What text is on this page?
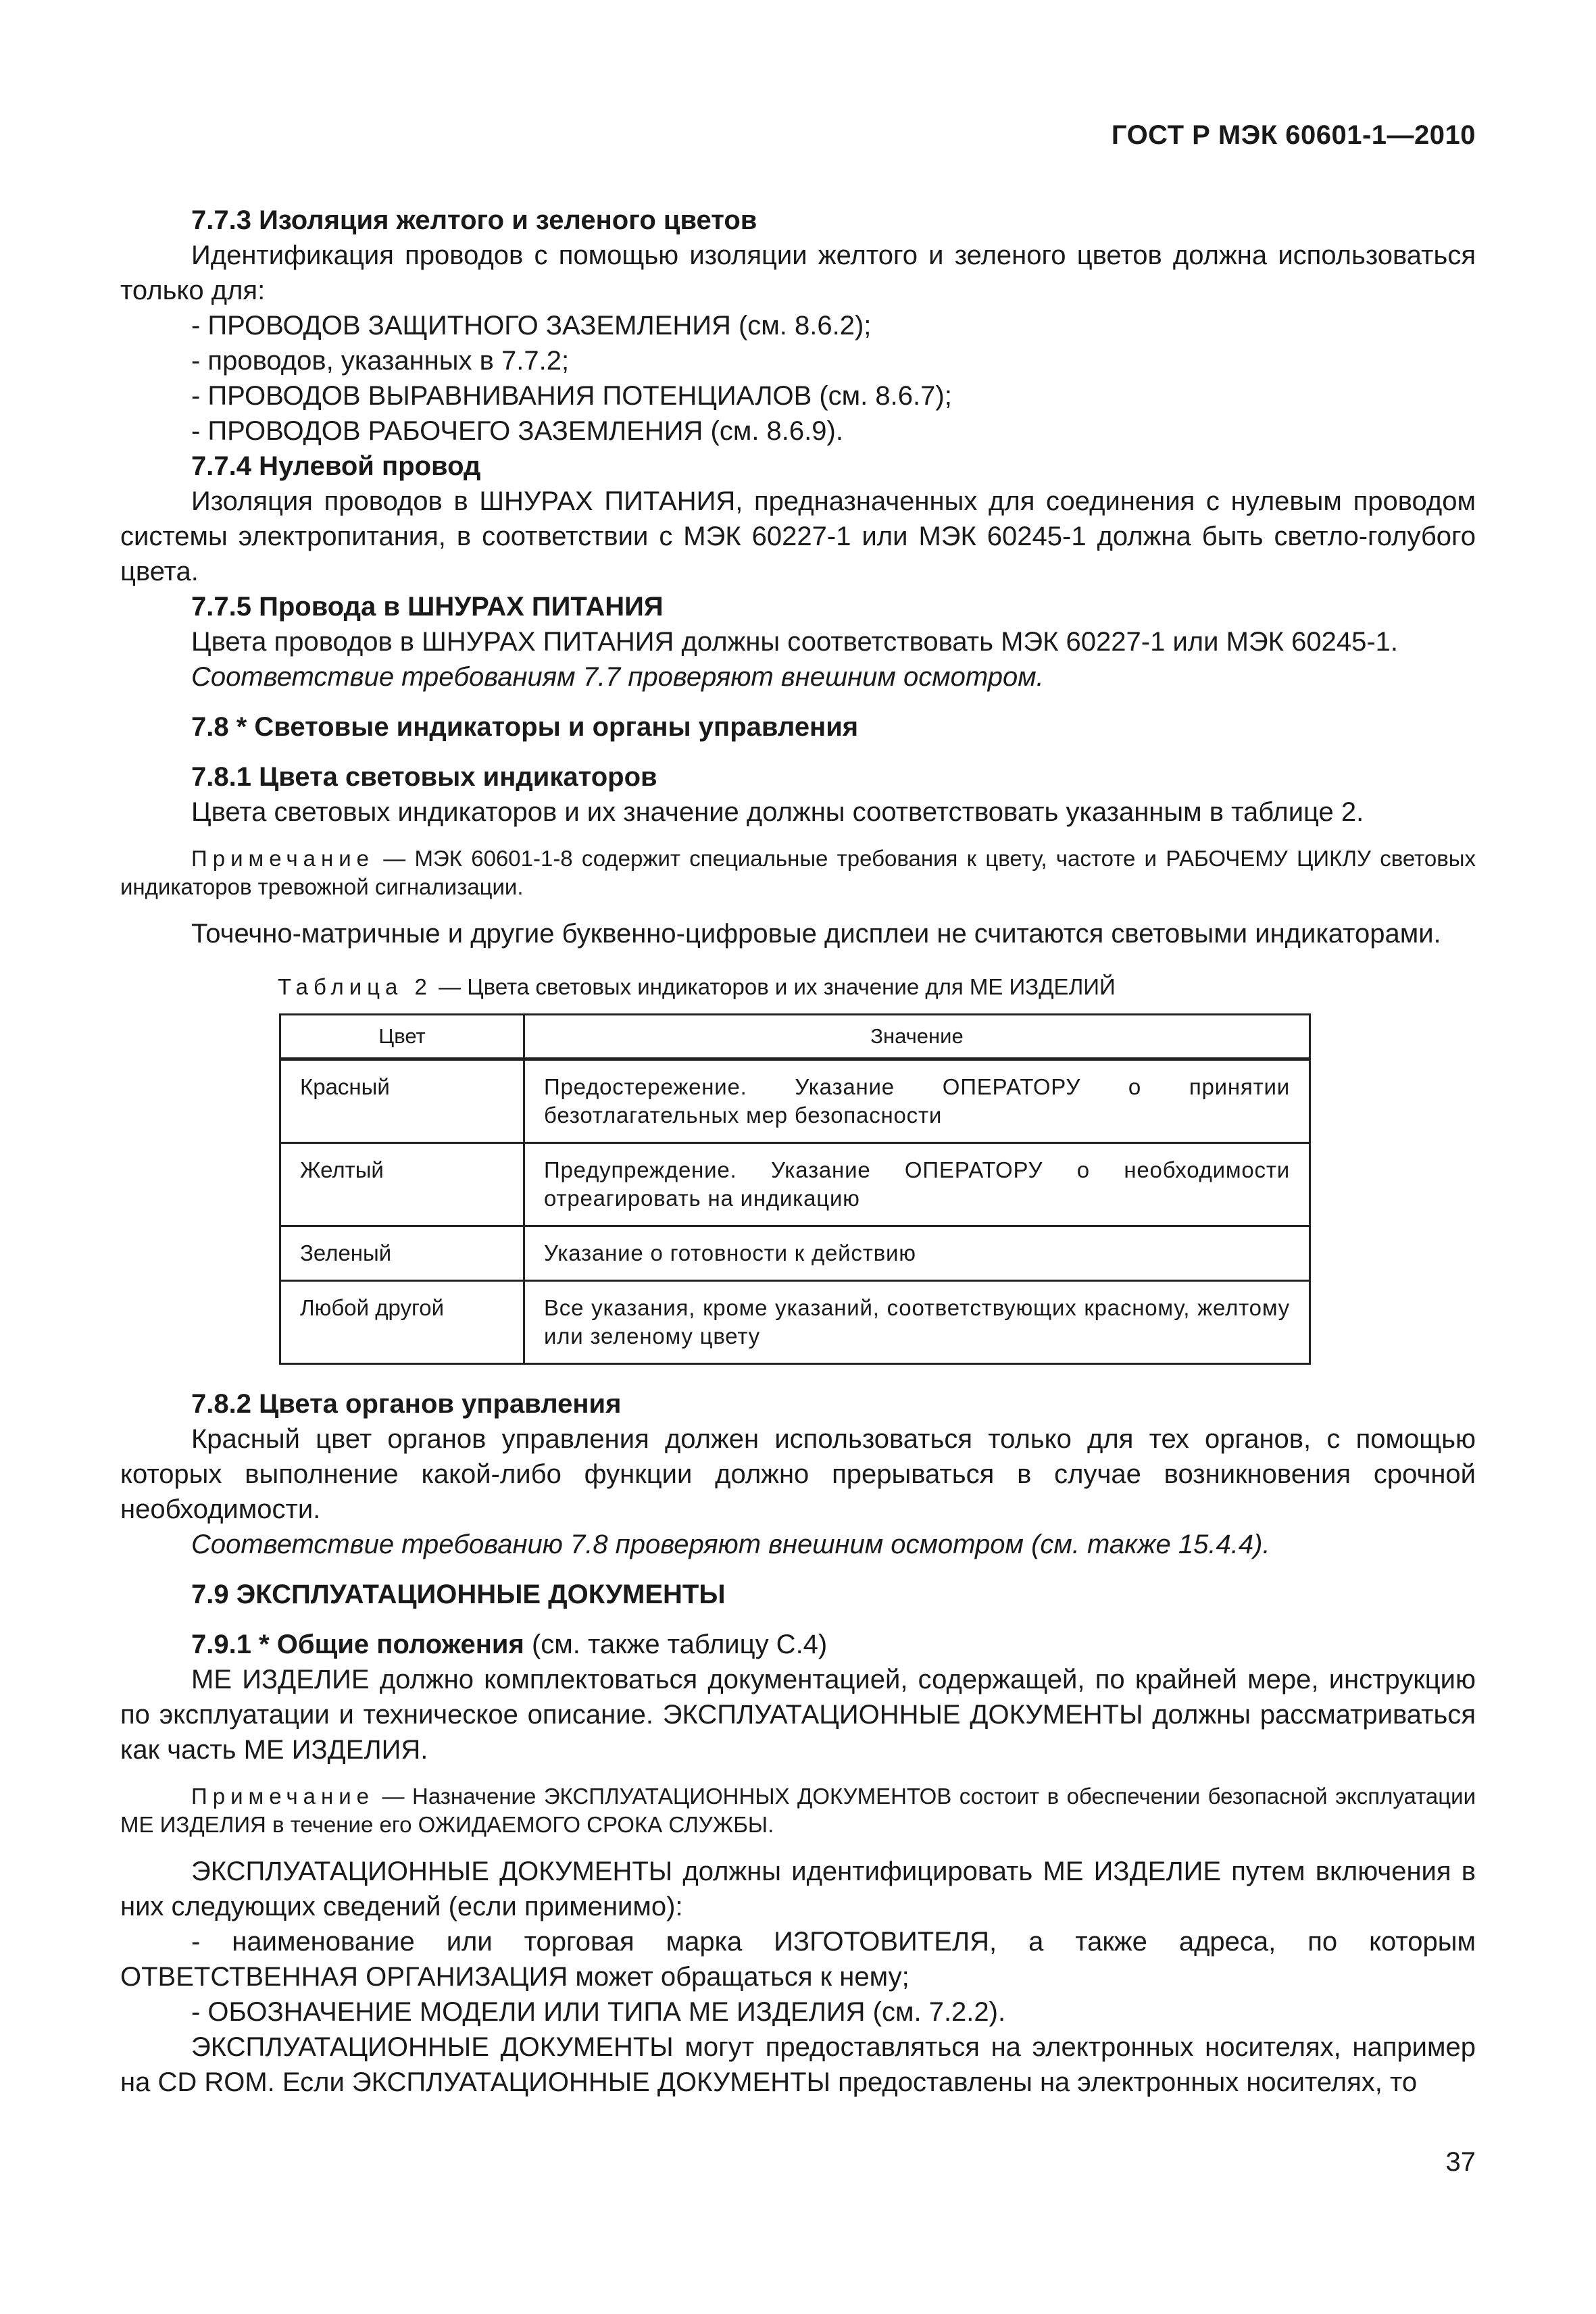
ГОСТ Р МЭК 60601-1—2010

7.7.3 Изоляция желтого и зеленого цветов

Идентификация проводов с помощью изоляции желтого и зеленого цветов должна использоваться только для:

- ПРОВОДОВ ЗАЩИТНОГО ЗАЗЕМЛЕНИЯ (см. 8.6.2);

- проводов, указанных в 7.7.2;

- ПРОВОДОВ ВЫРАВНИВАНИЯ ПОТЕНЦИАЛОВ (см. 8.6.7);

- ПРОВОДОВ РАБОЧЕГО ЗАЗЕМЛЕНИЯ (см. 8.6.9).

7.7.4 Нулевой провод

Изоляция проводов в ШНУРАХ ПИТАНИЯ, предназначенных для соединения с нулевым проводом системы электропитания, в соответствии с МЭК 60227-1 или МЭК 60245-1 должна быть светло-голубого цвета.

7.7.5 Провода в ШНУРАХ ПИТАНИЯ

Цвета проводов в ШНУРАХ ПИТАНИЯ должны соответствовать МЭК 60227-1 или МЭК 60245-1.

Соответствие требованиям 7.7 проверяют внешним осмотром.

7.8 * Световые индикаторы и органы управления

7.8.1 Цвета световых индикаторов

Цвета световых индикаторов и их значение должны соответствовать указанным в таблице 2.

Примечание — МЭК 60601-1-8 содержит специальные требования к цвету, частоте и РАБОЧЕМУ ЦИКЛУ световых индикаторов тревожной сигнализации.

Точечно-матричные и другие буквенно-цифровые дисплеи не считаются световыми индикаторами.

Таблица 2 — Цвета световых индикаторов и их значение для МЕ ИЗДЕЛИЙ

Цвет	Значение
Красный	Предостережение. Указание ОПЕРАТОРУ о принятии безотлагательных мер безопасности
Желтый	Предупреждение. Указание ОПЕРАТОРУ о необходимости отреагировать на индикацию
Зеленый	Указание о готовности к действию
Любой другой	Все указания, кроме указаний, соответствующих красному, желтому или зеленому цвету

7.8.2 Цвета органов управления

Красный цвет органов управления должен использоваться только для тех органов, с помощью которых выполнение какой-либо функции должно прерываться в случае возникновения срочной необходимости.

Соответствие требованию 7.8 проверяют внешним осмотром (см. также 15.4.4).

7.9 ЭКСПЛУАТАЦИОННЫЕ ДОКУМЕНТЫ

7.9.1 * Общие положения (см. также таблицу С.4)

МЕ ИЗДЕЛИЕ должно комплектоваться документацией, содержащей, по крайней мере, инструкцию по эксплуатации и техническое описание. ЭКСПЛУАТАЦИОННЫЕ ДОКУМЕНТЫ должны рассматриваться как часть МЕ ИЗДЕЛИЯ.

Примечание — Назначение ЭКСПЛУАТАЦИОННЫХ ДОКУМЕНТОВ состоит в обеспечении безопасной эксплуатации МЕ ИЗДЕЛИЯ в течение его ОЖИДАЕМОГО СРОКА СЛУЖБЫ.

ЭКСПЛУАТАЦИОННЫЕ ДОКУМЕНТЫ должны идентифицировать МЕ ИЗДЕЛИЕ путем включения в них следующих сведений (если применимо):

- наименование или торговая марка ИЗГОТОВИТЕЛЯ, а также адреса, по которым ОТВЕТСТВЕННАЯ ОРГАНИЗАЦИЯ может обращаться к нему;

- ОБОЗНАЧЕНИЕ МОДЕЛИ ИЛИ ТИПА МЕ ИЗДЕЛИЯ (см. 7.2.2).

ЭКСПЛУАТАЦИОННЫЕ ДОКУМЕНТЫ могут предоставляться на электронных носителях, например на CD ROM. Если ЭКСПЛУАТАЦИОННЫЕ ДОКУМЕНТЫ предоставлены на электронных носителях, то

37
